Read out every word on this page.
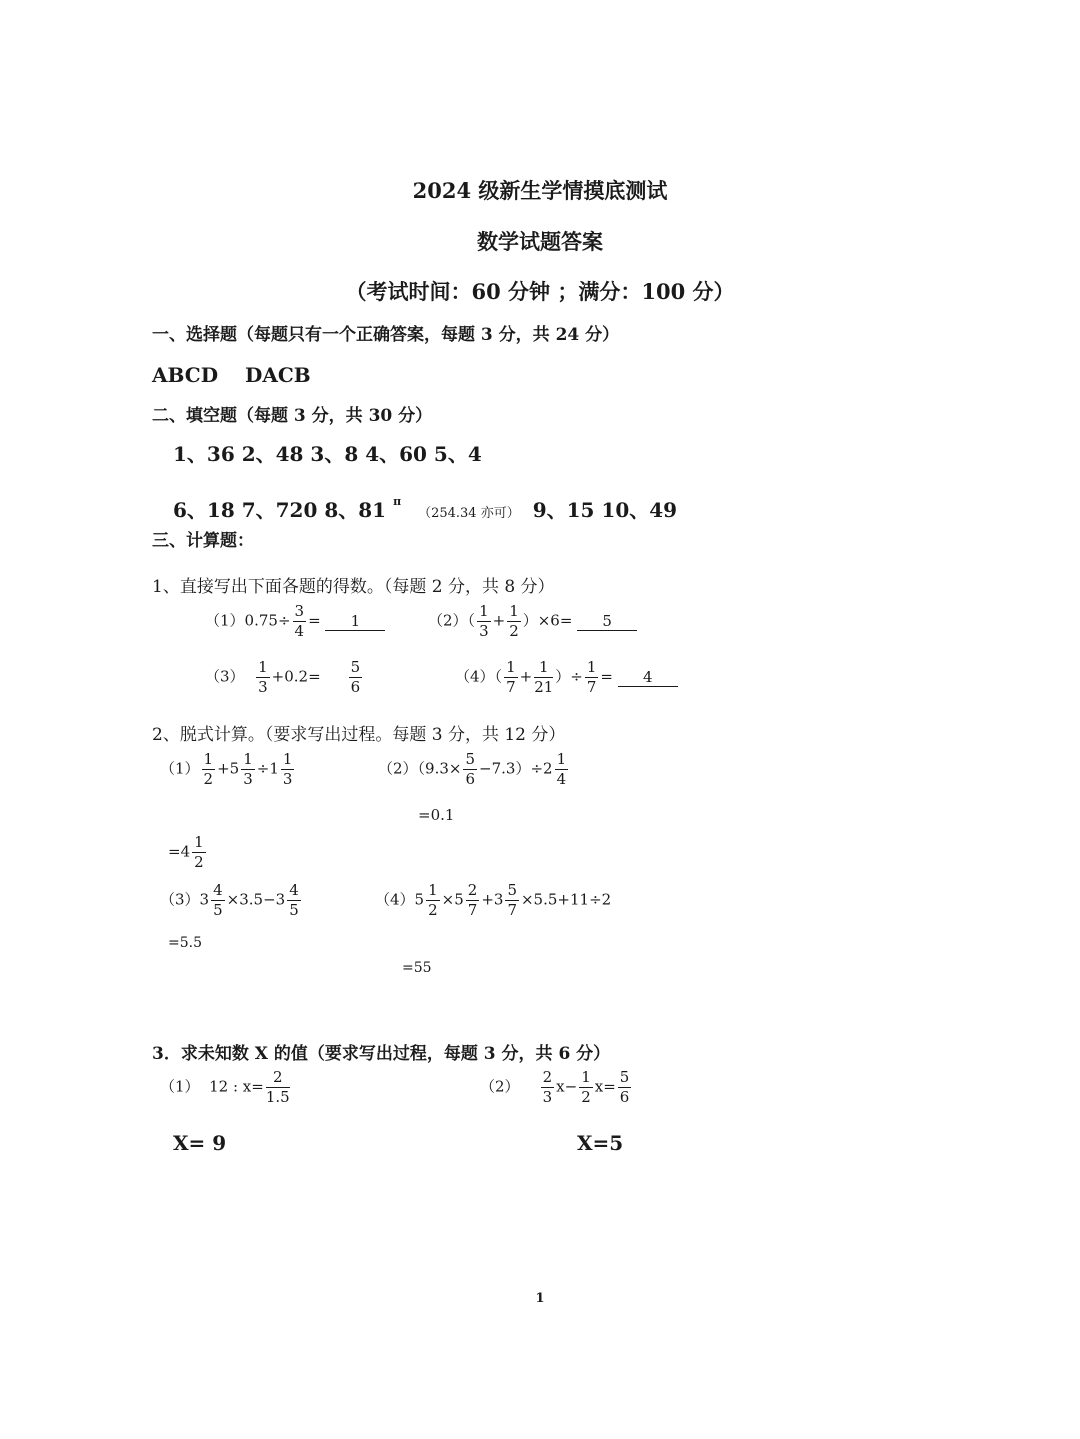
2024 级新生学情摸底测试
数学试题答案
（考试时间：60 分钟 ；满分：100 分）
一、选择题（每题只有一个正确答案，每题 3 分，共 24 分）
ABCD DACB
二、填空题（每题 3 分，共 30 分）
1、36 2、48 3、8 4、60 5、4
6、18 7、720 8、81 $^\pi$ （254.34 亦可） 9、15 10、49
三、计算题：
1、直接写出下面各题的得数。（每题 2 分，共 8 分）
$(1)0.75\div \frac{3}{4} = 1$	$(2)( \frac{1}{3} + \frac{1}{2} )\times 6= 5$
$(3) \frac{1}{3} +0.2= \frac{5}{6}$	$(4)( \frac{1}{7} + \frac{1}{21}$ ）÷ $\frac{1}{7} = 4$
2、脱式计算。（要求写出过程。每题 3 分，共 12 分）
$(1) \frac{1}{2} +5 \frac{1}{3} \div 1 \frac{1}{3}$	$(2)(9.3\times \frac{5}{6} -7.3)\div 2 \frac{1}{4}$
=0.1
$=4 \frac{1}{2}$
$(3)3 \frac{4}{5} \times 3.5-3 \frac{4}{5}$	$(4)5 \frac{1}{2} \times 5 \frac{2}{7} +3 \frac{5}{7} \times 5.5+11\div 2$
=5.5
=55
3．求未知数 X 的值（要求写出过程，每题 3 分，共 6 分）
（1） 12 : $x= \frac{2}{1.5}$	$(2) \frac{2}{3} x- \frac{1}{2} x= \frac{5}{6}$
X= 9	X=5
1
